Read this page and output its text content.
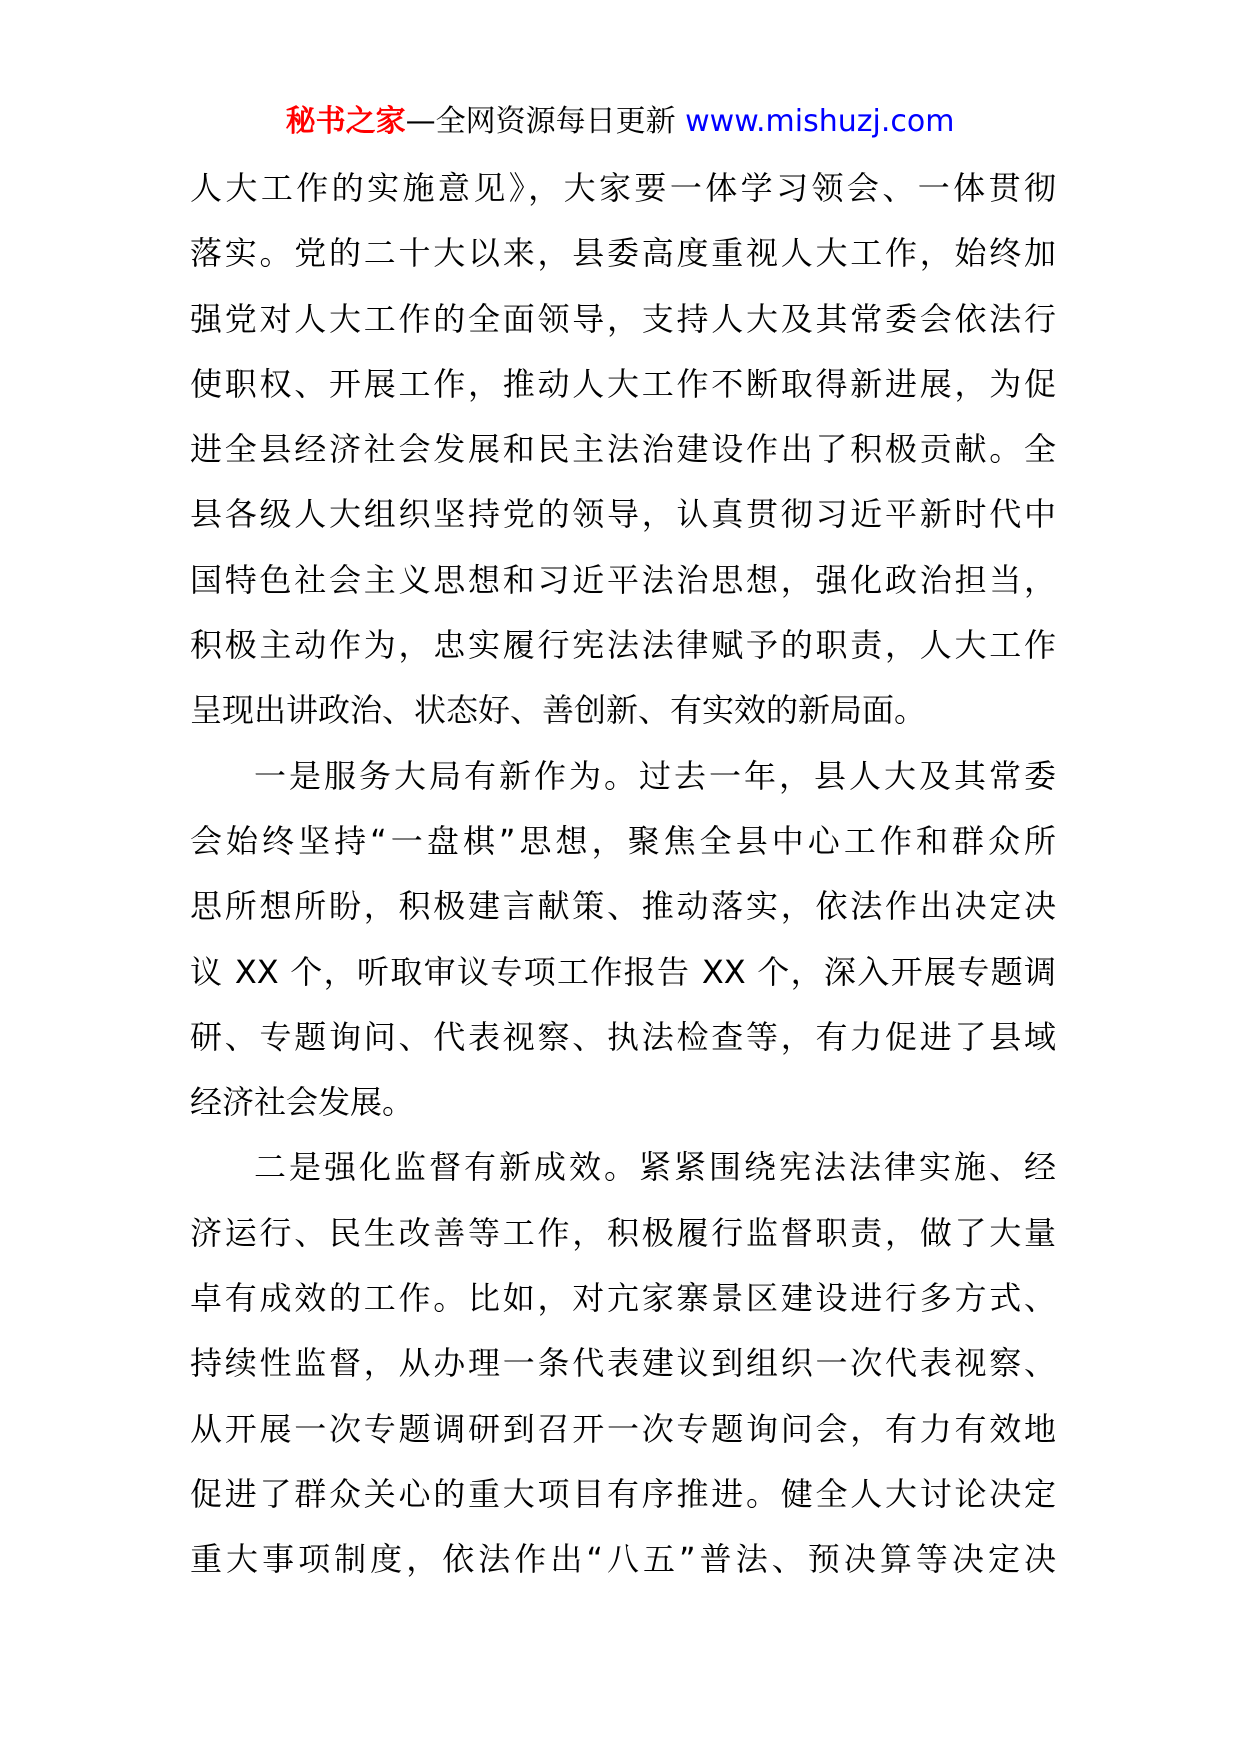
秘书之家—全网资源每日更新 www.mishuzj.com
人大工作的实施意见》，大家要一体学习领会、一体贯彻
落实。党的二十大以来，县委高度重视人大工作，始终加
强党对人大工作的全面领导，支持人大及其常委会依法行
使职权、开展工作，推动人大工作不断取得新进展，为促
进全县经济社会发展和民主法治建设作出了积极贡献。全
县各级人大组织坚持党的领导，认真贯彻习近平新时代中
国特色社会主义思想和习近平法治思想，强化政治担当，
积极主动作为，忠实履行宪法法律赋予的职责，人大工作
呈现出讲政治、状态好、善创新、有实效的新局面。
一是服务大局有新作为。过去一年，县人大及其常委
会始终坚持“一盘棋”思想，聚焦全县中心工作和群众所
思所想所盼，积极建言献策、推动落实，依法作出决定决
议 XX 个，听取审议专项工作报告 XX 个，深入开展专题调
研、专题询问、代表视察、执法检查等，有力促进了县域
经济社会发展。
二是强化监督有新成效。紧紧围绕宪法法律实施、经
济运行、民生改善等工作，积极履行监督职责，做了大量
卓有成效的工作。比如，对亢家寨景区建设进行多方式、
持续性监督，从办理一条代表建议到组织一次代表视察、
从开展一次专题调研到召开一次专题询问会，有力有效地
促进了群众关心的重大项目有序推进。健全人大讨论决定
重大事项制度，依法作出“八五”普法、预决算等决定决
